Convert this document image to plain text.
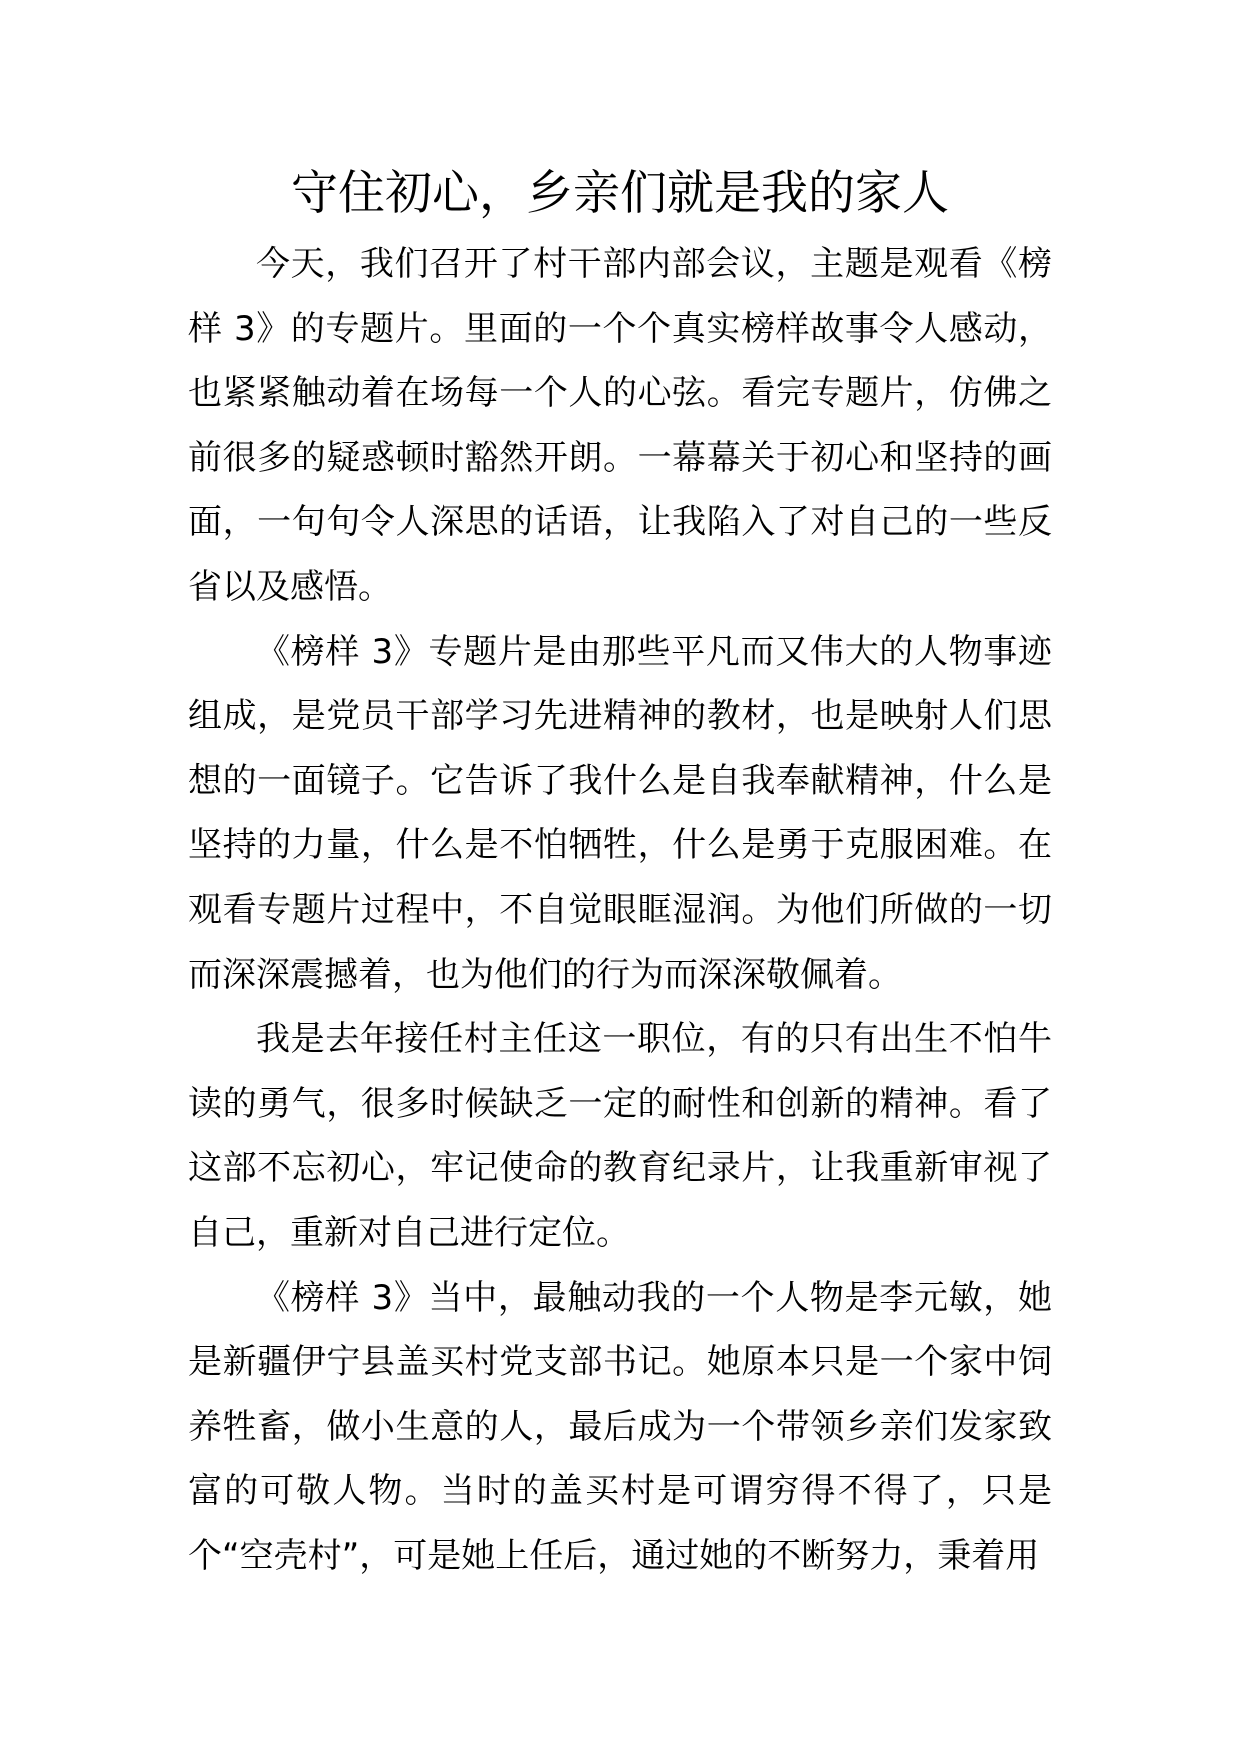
守住初心，乡亲们就是我的家人

今天，我们召开了村干部内部会议，主题是观看《榜样 3》的专题片。里面的一个个真实榜样故事令人感动，也紧紧触动着在场每一个人的心弦。看完专题片，仿佛之前很多的疑惑顿时豁然开朗。一幕幕关于初心和坚持的画面，一句句令人深思的话语，让我陷入了对自己的一些反省以及感悟。

《榜样 3》专题片是由那些平凡而又伟大的人物事迹组成，是党员干部学习先进精神的教材，也是映射人们思想的一面镜子。它告诉了我什么是自我奉献精神，什么是坚持的力量，什么是不怕牺牲，什么是勇于克服困难。在观看专题片过程中，不自觉眼眶湿润。为他们所做的一切而深深震撼着，也为他们的行为而深深敬佩着。

我是去年接任村主任这一职位，有的只有出生不怕牛读的勇气，很多时候缺乏一定的耐性和创新的精神。看了这部不忘初心，牢记使命的教育纪录片，让我重新审视了自己，重新对自己进行定位。

《榜样 3》当中，最触动我的一个人物是李元敏，她是新疆伊宁县盖买村党支部书记。她原本只是一个家中饲养牲畜，做小生意的人，最后成为一个带领乡亲们发家致富的可敬人物。当时的盖买村是可谓穷得不得了，只是个“空壳村”，可是她上任后，通过她的不断努力，秉着用
